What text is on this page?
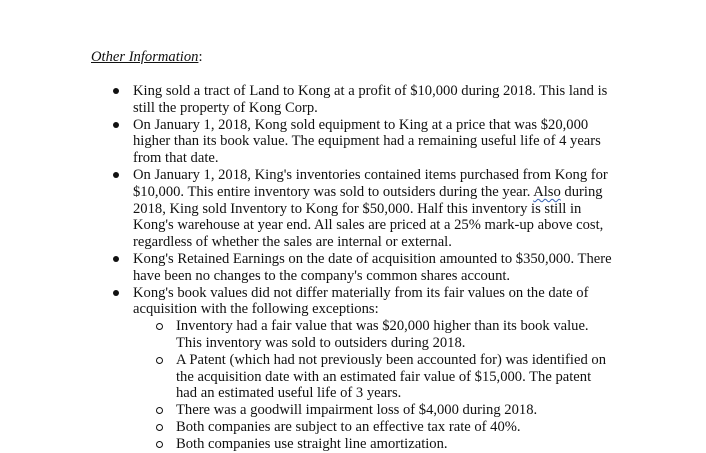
Other Information:
King sold a tract of Land to Kong at a profit of $10,000 during 2018. This land is still the property of Kong Corp.
On January 1, 2018, Kong sold equipment to King at a price that was $20,000 higher than its book value. The equipment had a remaining useful life of 4 years from that date.
On January 1, 2018, King's inventories contained items purchased from Kong for $10,000. This entire inventory was sold to outsiders during the year. Also during 2018, King sold Inventory to Kong for $50,000. Half this inventory is still in Kong's warehouse at year end. All sales are priced at a 25% mark-up above cost, regardless of whether the sales are internal or external.
Kong's Retained Earnings on the date of acquisition amounted to $350,000. There have been no changes to the company's common shares account.
Kong's book values did not differ materially from its fair values on the date of acquisition with the following exceptions:
Inventory had a fair value that was $20,000 higher than its book value. This inventory was sold to outsiders during 2018.
A Patent (which had not previously been accounted for) was identified on the acquisition date with an estimated fair value of $15,000. The patent had an estimated useful life of 3 years.
There was a goodwill impairment loss of $4,000 during 2018.
Both companies are subject to an effective tax rate of 40%.
Both companies use straight line amortization.
